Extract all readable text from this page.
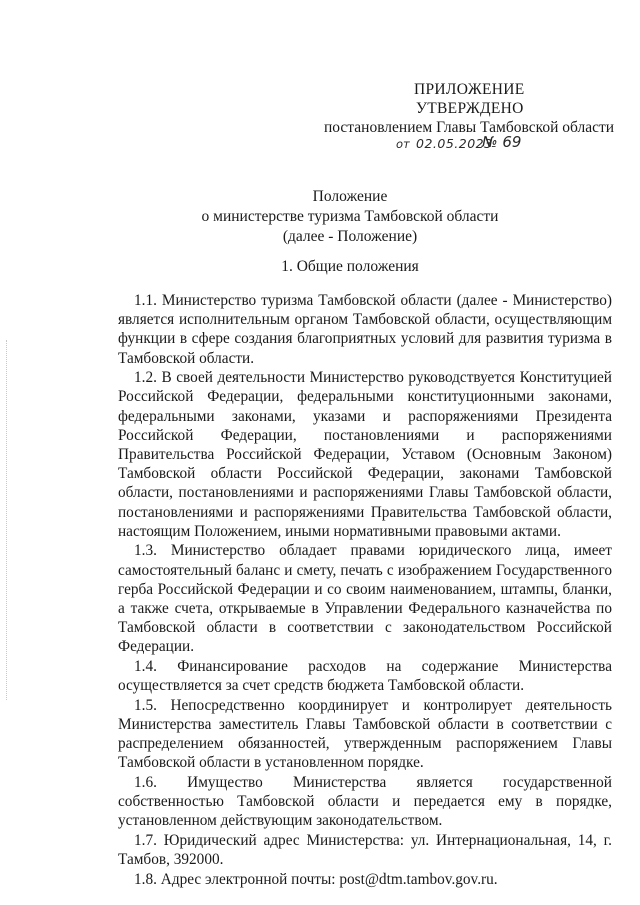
ПРИЛОЖЕНИЕ
УТВЕРЖДЕНО
постановлением Главы Тамбовской области
от 02.05.2023
№ 69
Положение
о министерстве туризма Тамбовской области
(далее - Положение)
1. Общие положения

1.1. Министерство туризма Тамбовской области (далее - Министерство) является исполнительным органом Тамбовской области, осуществляющим функции в сфере создания благоприятных условий для развития туризма в Тамбовской области.

1.2. В своей деятельности Министерство руководствуется Конституцией Российской Федерации, федеральными конституционными законами, федеральными законами, указами и распоряжениями Президента Российской Федерации, постановлениями и распоряжениями Правительства Российской Федерации, Уставом (Основным Законом) Тамбовской области Российской Федерации, законами Тамбовской области, постановлениями и распоряжениями Главы Тамбовской области, постановлениями и распоряжениями Правительства Тамбовской области, настоящим Положением, иными нормативными правовыми актами.

1.3. Министерство обладает правами юридического лица, имеет самостоятельный баланс и смету, печать с изображением Государственного герба Российской Федерации и со своим наименованием, штампы, бланки, а также счета, открываемые в Управлении Федерального казначейства по Тамбовской области в соответствии с законодательством Российской Федерации.

1.4. Финансирование расходов на содержание Министерства осуществляется за счет средств бюджета Тамбовской области.

1.5. Непосредственно координирует и контролирует деятельность Министерства заместитель Главы Тамбовской области в соответствии с распределением обязанностей, утвержденным распоряжением Главы Тамбовской области в установленном порядке.

1.6. Имущество Министерства является государственной собственностью Тамбовской области и передается ему в порядке, установленном действующим законодательством.

1.7. Юридический адрес Министерства: ул. Интернациональная, 14, г. Тамбов, 392000.

1.8. Адрес электронной почты: post@dtm.tambov.gov.ru.
